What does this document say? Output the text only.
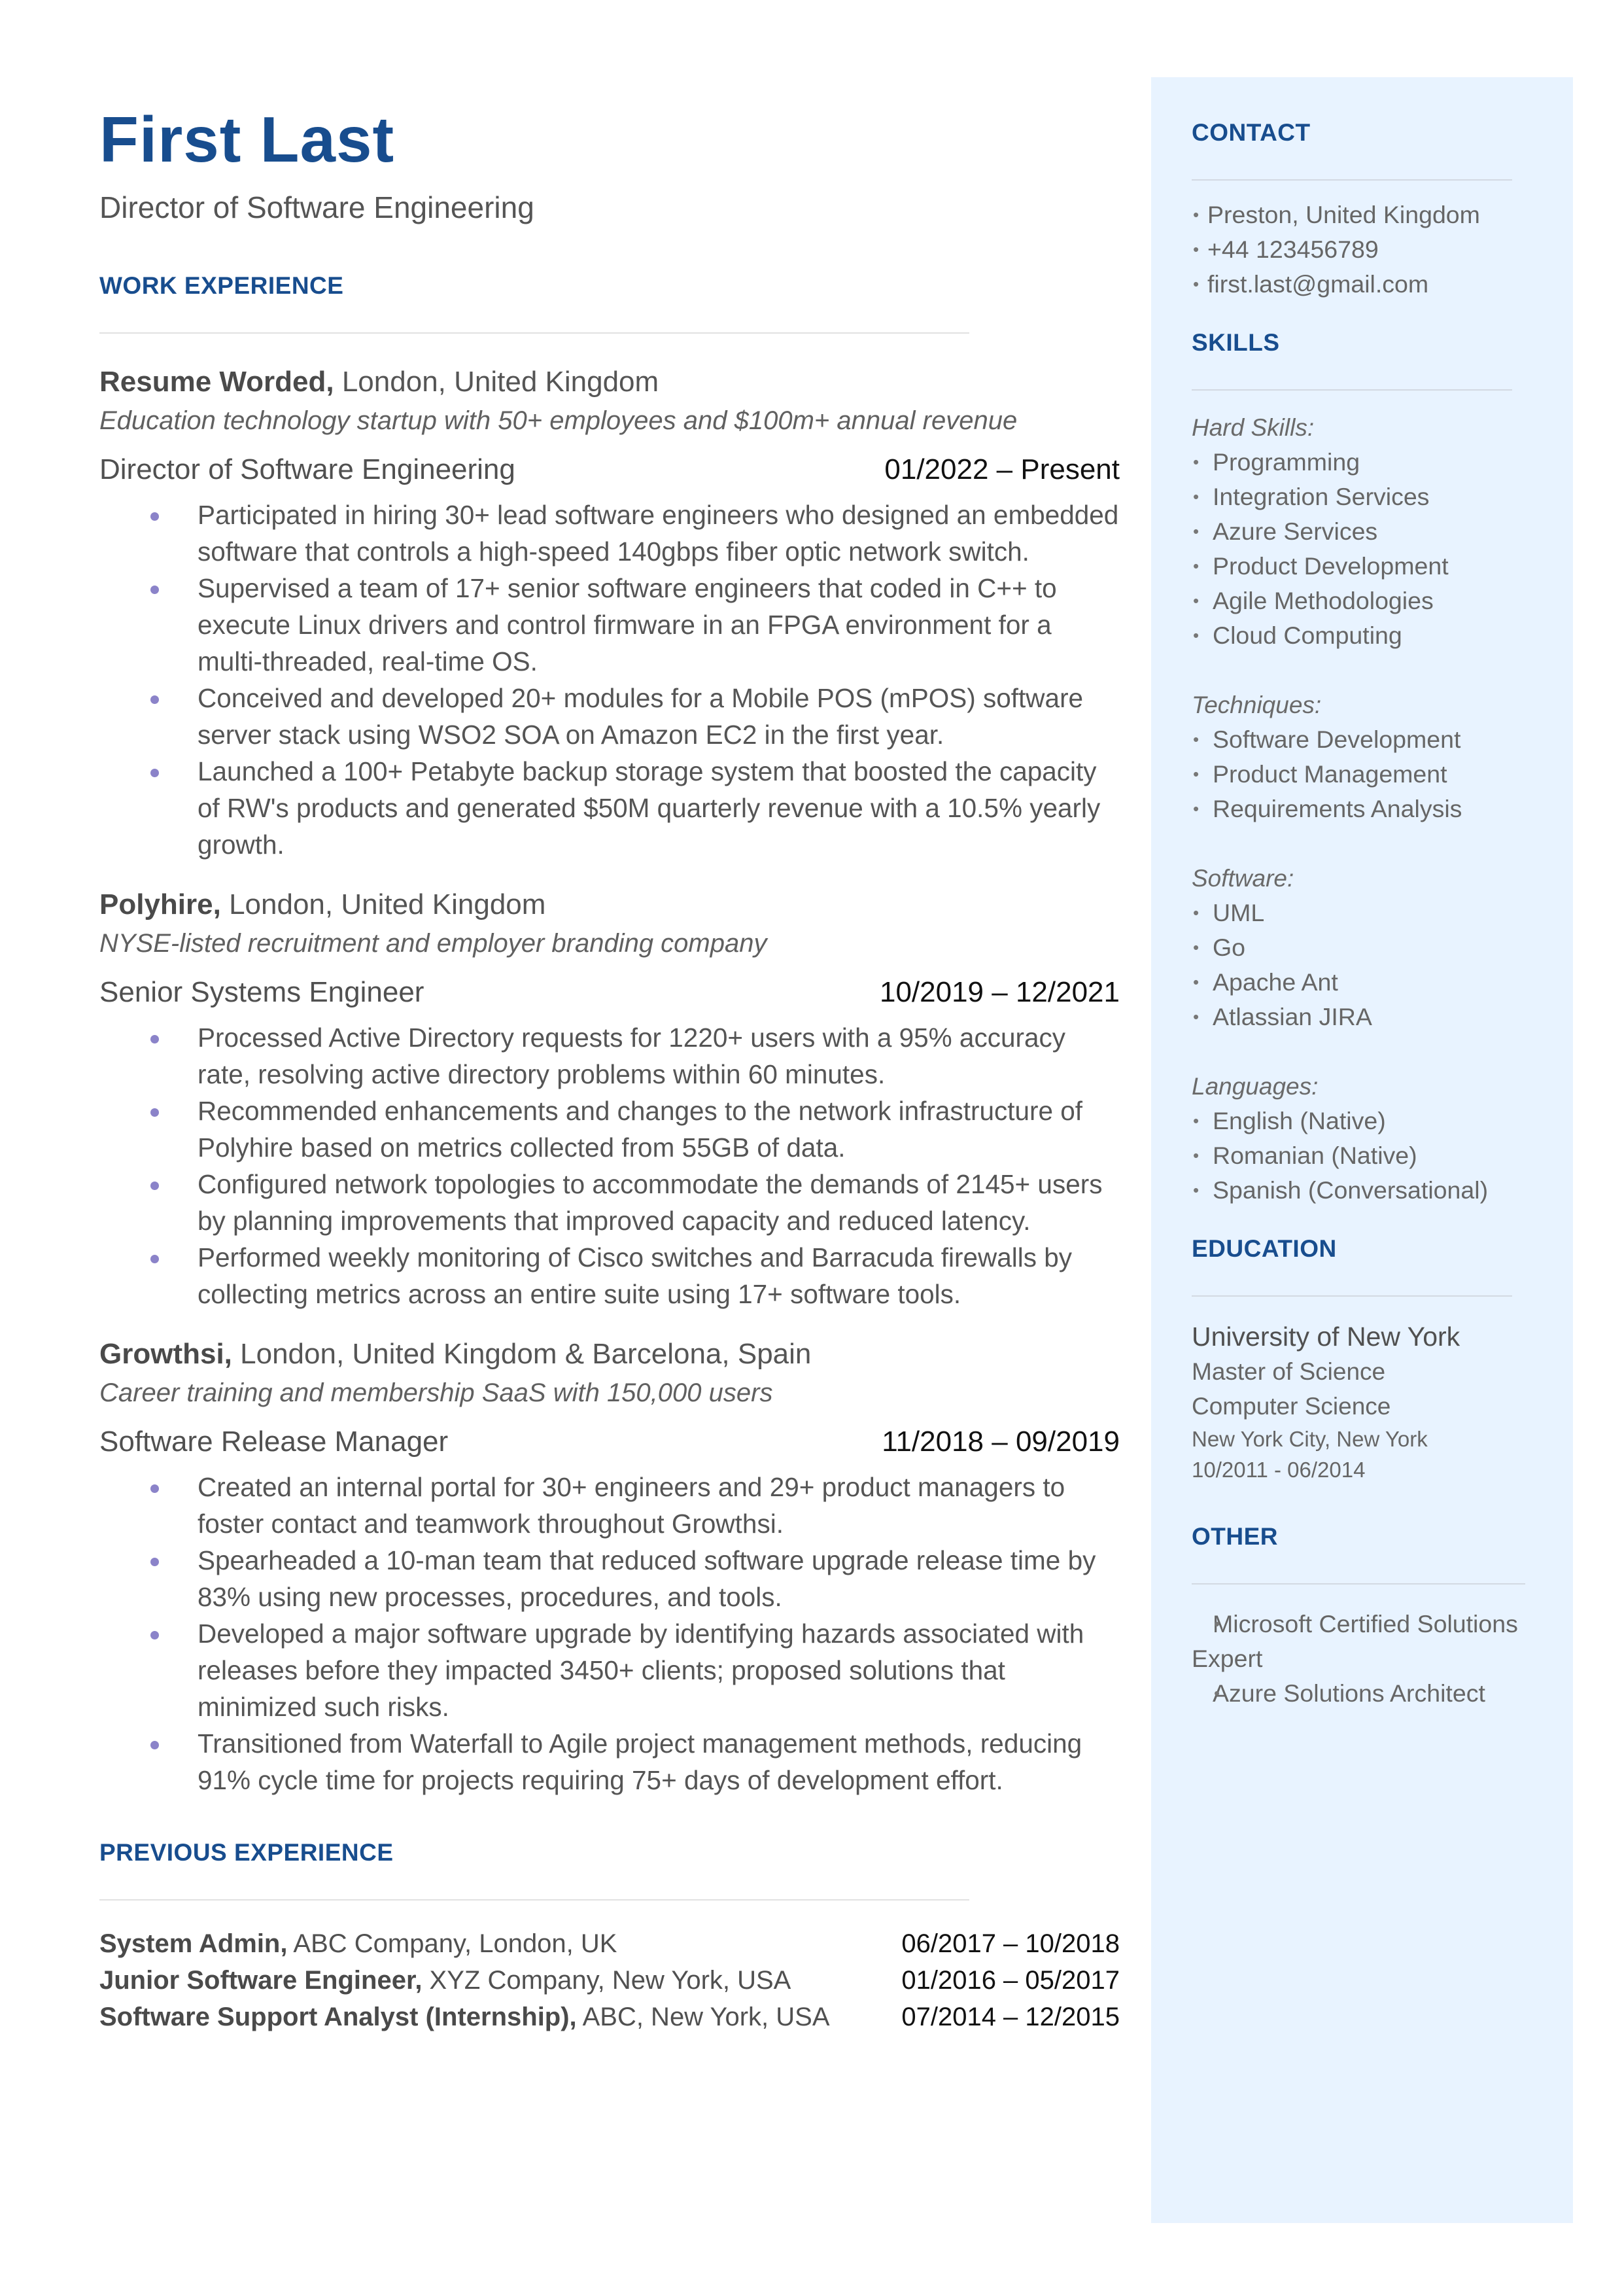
First Last
Director of Software Engineering
WORK EXPERIENCE
Resume Worded, London, United Kingdom
Education technology startup with 50+ employees and $100m+ annual revenue
Director of Software Engineering	01/2022 – Present
Participated in hiring 30+ lead software engineers who designed an embedded software that controls a high-speed 140gbps fiber optic network switch.
Supervised a team of 17+ senior software engineers that coded in C++ to execute Linux drivers and control firmware in an FPGA environment for a multi-threaded, real-time OS.
Conceived and developed 20+ modules for a Mobile POS (mPOS) software server stack using WSO2 SOA on Amazon EC2 in the first year.
Launched a 100+ Petabyte backup storage system that boosted the capacity of RW's products and generated $50M quarterly revenue with a 10.5% yearly growth.
Polyhire, London, United Kingdom
NYSE-listed recruitment and employer branding company
Senior Systems Engineer	10/2019 – 12/2021
Processed Active Directory requests for 1220+ users with a 95% accuracy rate, resolving active directory problems within 60 minutes.
Recommended enhancements and changes to the network infrastructure of Polyhire based on metrics collected from 55GB of data.
Configured network topologies to accommodate the demands of 2145+ users by planning improvements that improved capacity and reduced latency.
Performed weekly monitoring of Cisco switches and Barracuda firewalls by collecting metrics across an entire suite using 17+ software tools.
Growthsi, London, United Kingdom & Barcelona, Spain
Career training and membership SaaS with 150,000 users
Software Release Manager	11/2018 – 09/2019
Created an internal portal for 30+ engineers and 29+ product managers to foster contact and teamwork throughout Growthsi.
Spearheaded a 10-man team that reduced software upgrade release time by 83% using new processes, procedures, and tools.
Developed a major software upgrade by identifying hazards associated with releases before they impacted 3450+ clients; proposed solutions that minimized such risks.
Transitioned from Waterfall to Agile project management methods, reducing 91% cycle time for projects requiring 75+ days of development effort.
PREVIOUS EXPERIENCE
System Admin, ABC Company, London, UK	06/2017 – 10/2018
Junior Software Engineer, XYZ Company, New York, USA	01/2016 – 05/2017
Software Support Analyst (Internship), ABC, New York, USA	07/2014 – 12/2015
CONTACT
• Preston, United Kingdom
• +44 123456789
• first.last@gmail.com
SKILLS
Hard Skills:
• Programming
• Integration Services
• Azure Services
• Product Development
• Agile Methodologies
• Cloud Computing
Techniques:
• Software Development
• Product Management
• Requirements Analysis
Software:
• UML
• Go
• Apache Ant
• Atlassian JIRA
Languages:
• English (Native)
• Romanian (Native)
• Spanish (Conversational)
EDUCATION
University of New York
Master of Science
Computer Science
New York City, New York
10/2011 - 06/2014
OTHER
• Microsoft Certified Solutions Expert
• Azure Solutions Architect
